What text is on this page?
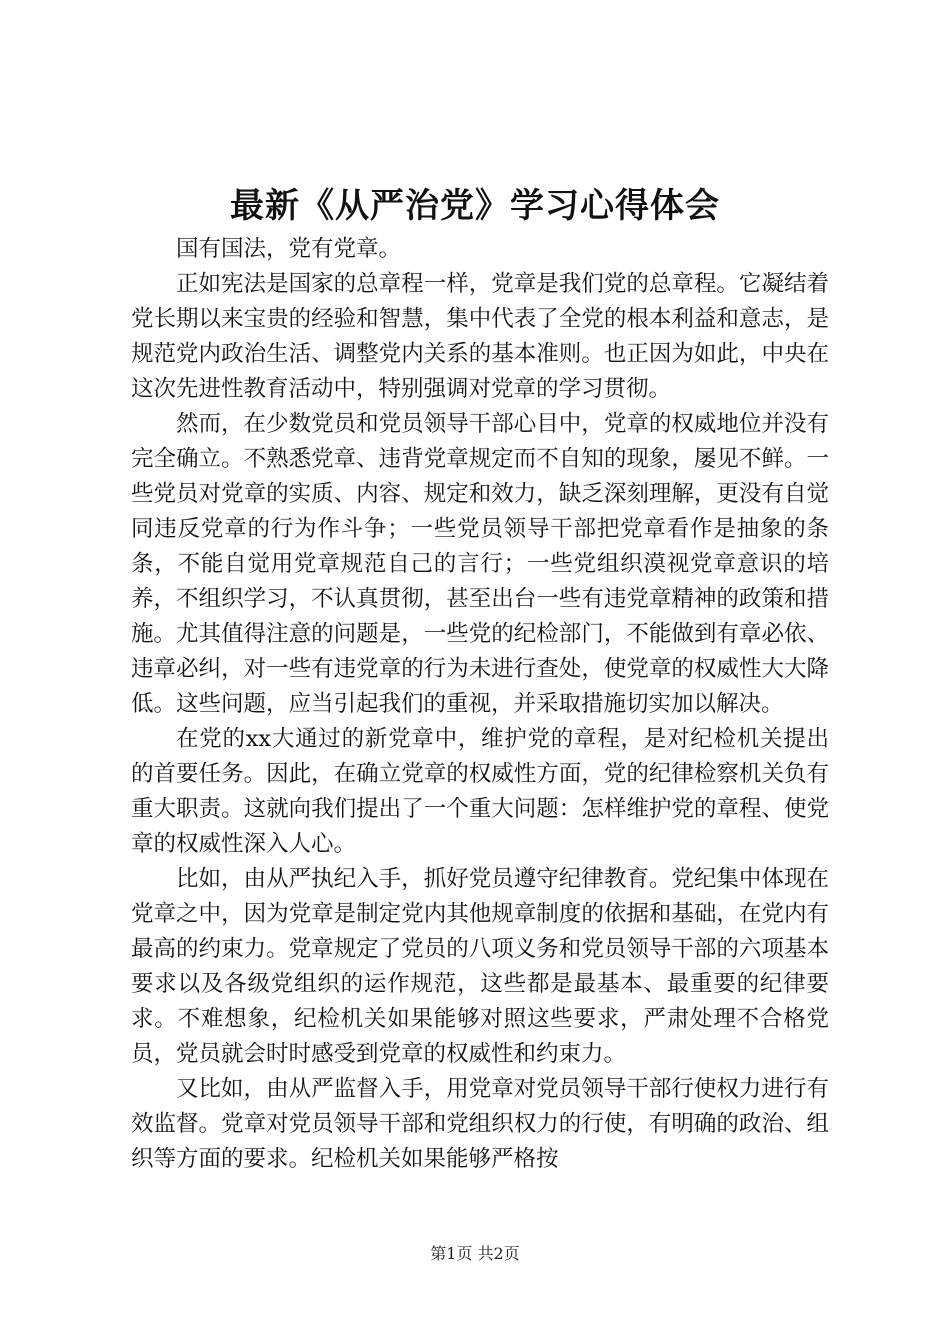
最新《从严治党》学习心得体会

国有国法，党有党章。

正如宪法是国家的总章程一样，党章是我们党的总章程。它凝结着党长期以来宝贵的经验和智慧，集中代表了全党的根本利益和意志，是规范党内政治生活、调整党内关系的基本准则。也正因为如此，中央在这次先进性教育活动中，特别强调对党章的学习贯彻。

然而，在少数党员和党员领导干部心目中，党章的权威地位并没有完全确立。不熟悉党章、违背党章规定而不自知的现象，屡见不鲜。一些党员对党章的实质、内容、规定和效力，缺乏深刻理解，更没有自觉同违反党章的行为作斗争；一些党员领导干部把党章看作是抽象的条条，不能自觉用党章规范自己的言行；一些党组织漠视党章意识的培养，不组织学习，不认真贯彻，甚至出台一些有违党章精神的政策和措施。尤其值得注意的问题是，一些党的纪检部门，不能做到有章必依、违章必纠，对一些有违党章的行为未进行查处，使党章的权威性大大降低。这些问题，应当引起我们的重视，并采取措施切实加以解决。

在党的xx大通过的新党章中，维护党的章程，是对纪检机关提出的首要任务。因此，在确立党章的权威性方面，党的纪律检察机关负有重大职责。这就向我们提出了一个重大问题：怎样维护党的章程、使党章的权威性深入人心。

比如，由从严执纪入手，抓好党员遵守纪律教育。党纪集中体现在党章之中，因为党章是制定党内其他规章制度的依据和基础，在党内有最高的约束力。党章规定了党员的八项义务和党员领导干部的六项基本要求以及各级党组织的运作规范，这些都是最基本、最重要的纪律要求。不难想象，纪检机关如果能够对照这些要求，严肃处理不合格党员，党员就会时时感受到党章的权威性和约束力。

又比如，由从严监督入手，用党章对党员领导干部行使权力进行有效监督。党章对党员领导干部和党组织权力的行使，有明确的政治、组织等方面的要求。纪检机关如果能够严格按

第1页 共2页
